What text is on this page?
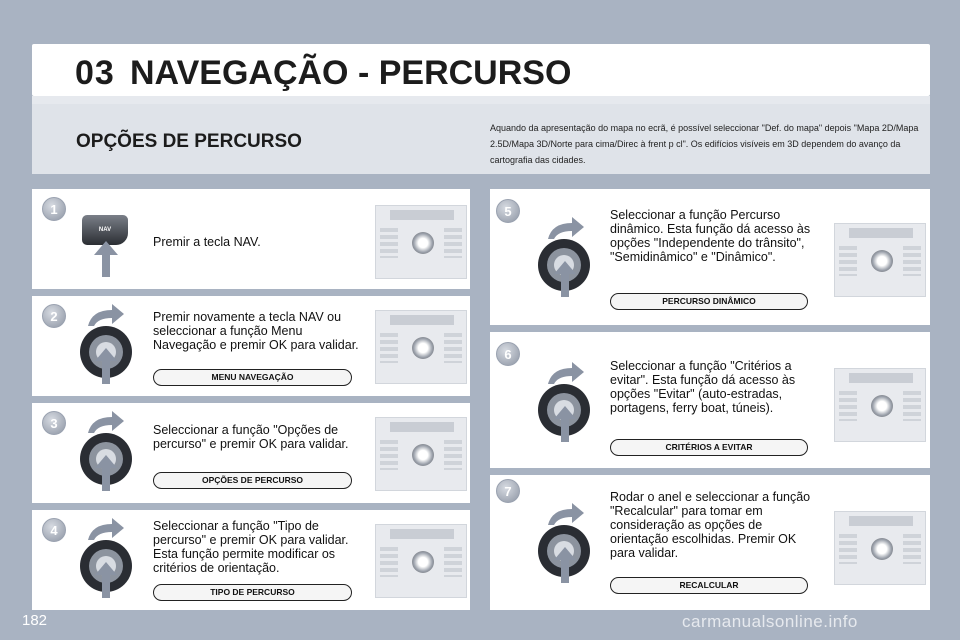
03 NAVEGAÇÃO - PERCURSO
OPÇÕES DE PERCURSO
Aquando da apresentação do mapa no ecrã, é possível seleccionar "Def. do mapa" depois "Mapa 2D/Mapa 2.5D/Mapa 3D/Norte para cima/Direc à frent p cl". Os edifícios visíveis em 3D dependem do avanço da cartografia das cidades.
1
NAV
Premir a tecla NAV.
2	Premir novamente a tecla NAV ou seleccionar a função Menu Navegação e premir OK para validar.
MENU NAVEGAÇÃO
3	Seleccionar a função "Opções de percurso" e premir OK para validar.
OPÇÕES DE PERCURSO
4	Seleccionar a função "Tipo de percurso" e premir OK para validar. Esta função permite modificar os critérios de orientação.
TIPO DE PERCURSO
5	Seleccionar a função Percurso dinâmico. Esta função dá acesso às opções "Independente do trânsito", "Semidinâmico" e "Dinâmico".
PERCURSO DINÂMICO
6
Seleccionar a função "Critérios a evitar". Esta função dá acesso às opções "Evitar" (auto-estradas, portagens, ferry boat, túneis).
CRITÉRIOS A EVITAR
7	Rodar o anel e seleccionar a função "Recalcular" para tomar em consideração as opções de orientação escolhidas. Premir OK para validar.
RECALCULAR
182	carmanualsonline.info
